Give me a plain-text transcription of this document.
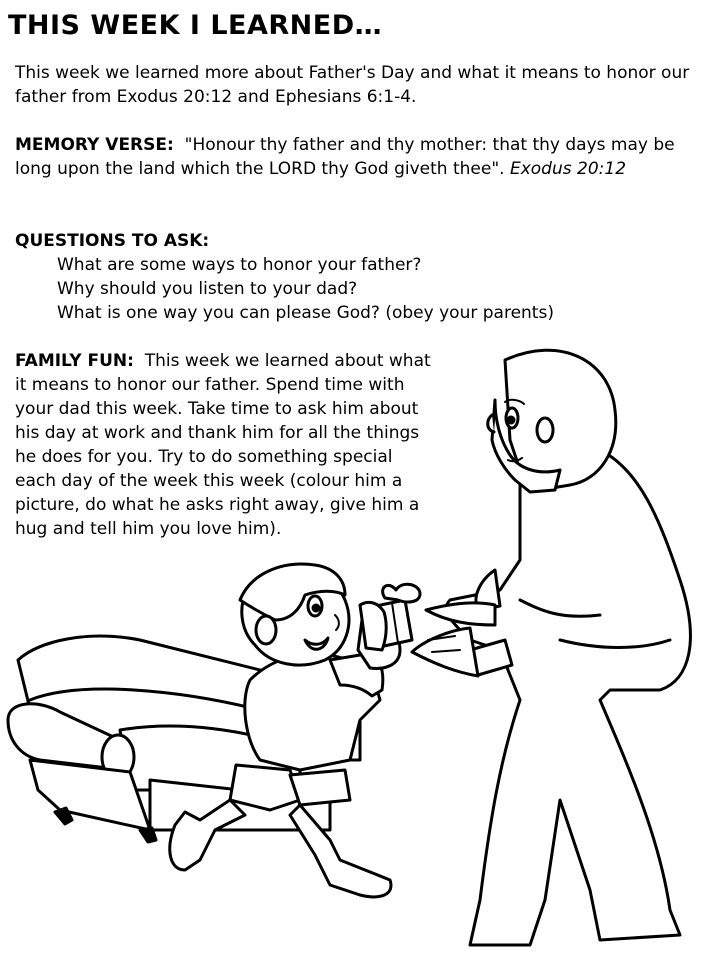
THIS WEEK I LEARNED…

This week we learned more about Father's Day and what it means to honor our father from Exodus 20:12 and Ephesians 6:1-4.

MEMORY VERSE: "Honour thy father and thy mother: that thy days may be long upon the land which the LORD thy God giveth thee". Exodus 20:12

QUESTIONS TO ASK:
What are some ways to honor your father?
Why should you listen to your dad?
What is one way you can please God? (obey your parents)

FAMILY FUN: This week we learned about what it means to honor our father. Spend time with your dad this week. Take time to ask him about his day at work and thank him for all the things he does for you. Try to do something special each day of the week this week (colour him a picture, do what he asks right away, give him a hug and tell him you love him).
